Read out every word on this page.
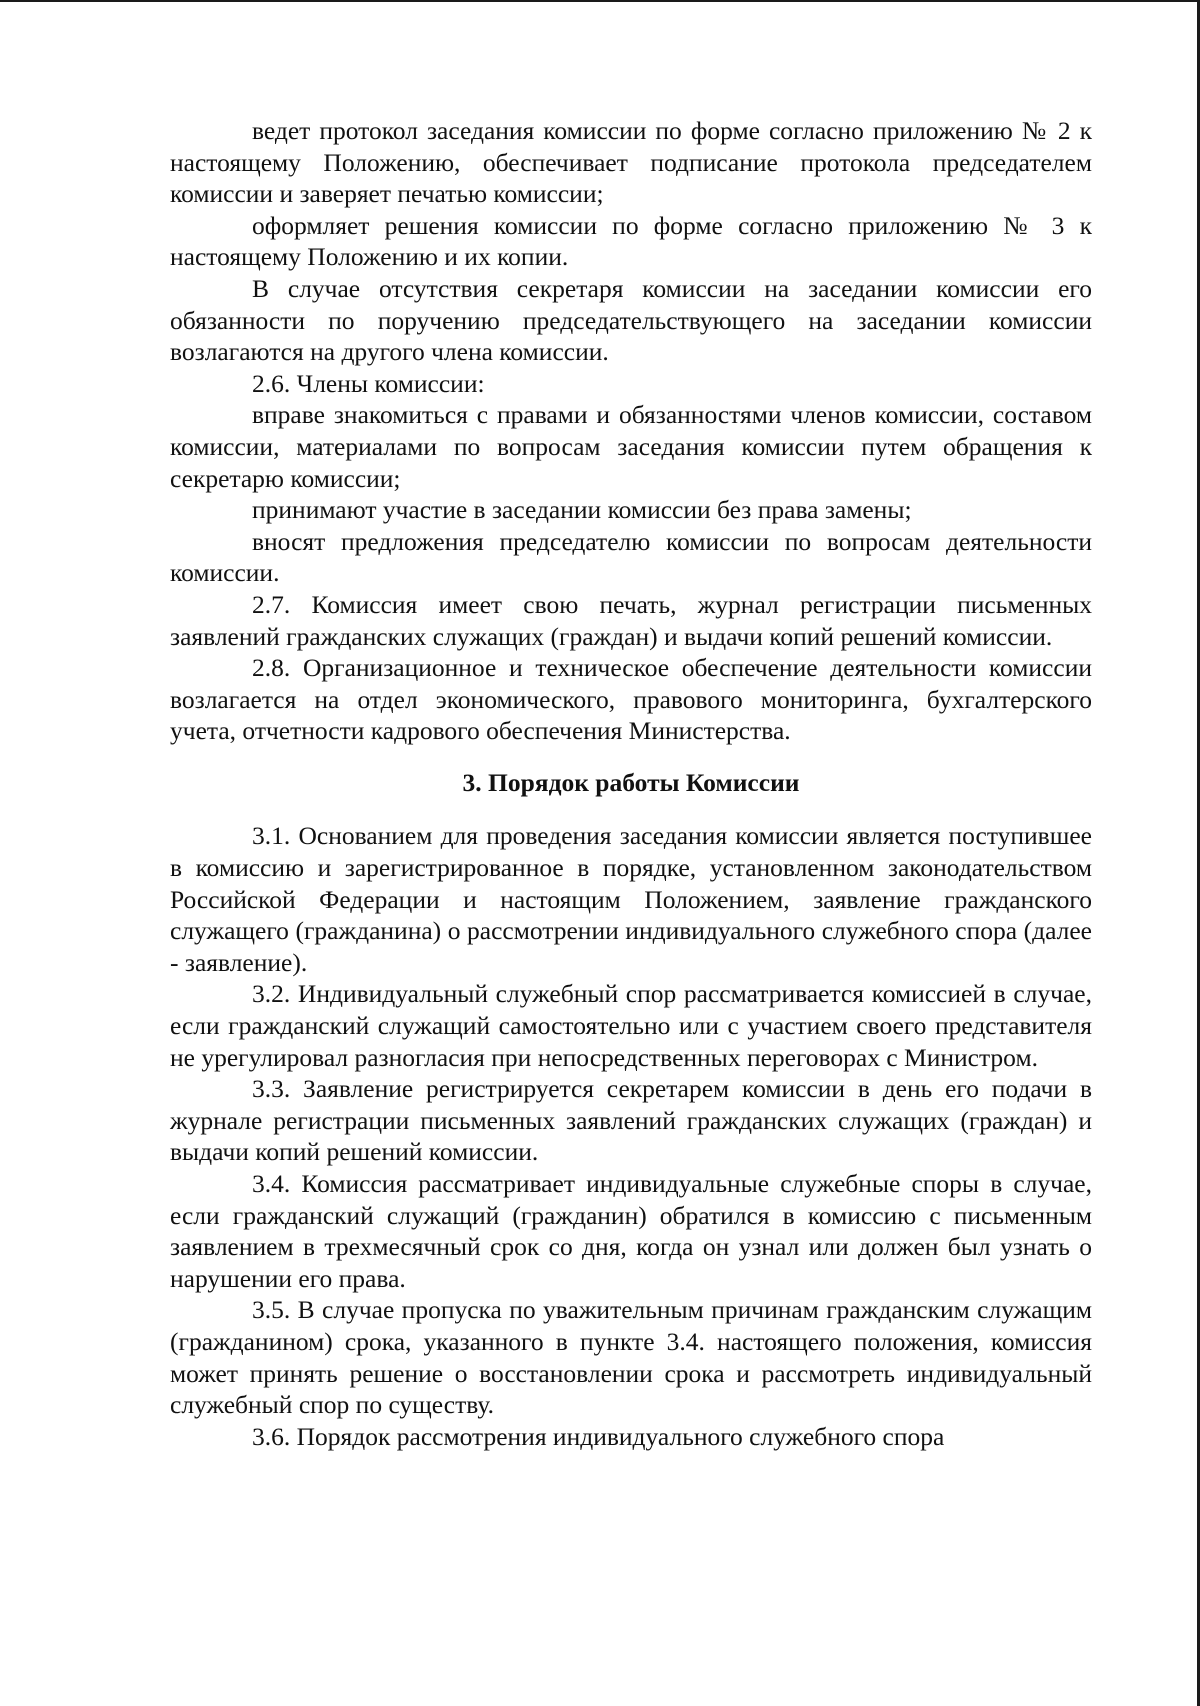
ведет протокол заседания комиссии по форме согласно приложению № 2 к настоящему Положению, обеспечивает подписание протокола председателем комиссии и заверяет печатью комиссии;

оформляет решения комиссии по форме согласно приложению № 3 к настоящему Положению и их копии.

В случае отсутствия секретаря комиссии на заседании комиссии его обязанности по поручению председательствующего на заседании комиссии возлагаются на другого члена комиссии.

2.6. Члены комиссии:

вправе знакомиться с правами и обязанностями членов комиссии, составом комиссии, материалами по вопросам заседания комиссии путем обращения к секретарю комиссии;

принимают участие в заседании комиссии без права замены;

вносят предложения председателю комиссии по вопросам деятельности комиссии.

2.7. Комиссия имеет свою печать, журнал регистрации письменных заявлений гражданских служащих (граждан) и выдачи копий решений комиссии.

2.8. Организационное и техническое обеспечение деятельности комиссии возлагается на отдел экономического, правового мониторинга, бухгалтерского учета, отчетности кадрового обеспечения Министерства.

3. Порядок работы Комиссии

3.1. Основанием для проведения заседания комиссии является поступившее в комиссию и зарегистрированное в порядке, установленном законодательством Российской Федерации и настоящим Положением, заявление гражданского служащего (гражданина) о рассмотрении индивидуального служебного спора (далее - заявление).

3.2. Индивидуальный служебный спор рассматривается комиссией в случае, если гражданский служащий самостоятельно или с участием своего представителя не урегулировал разногласия при непосредственных переговорах с Министром.

3.3. Заявление регистрируется секретарем комиссии в день его подачи в журнале регистрации письменных заявлений гражданских служащих (граждан) и выдачи копий решений комиссии.

3.4. Комиссия рассматривает индивидуальные служебные споры в случае, если гражданский служащий (гражданин) обратился в комиссию с письменным заявлением в трехмесячный срок со дня, когда он узнал или должен был узнать о нарушении его права.

3.5. В случае пропуска по уважительным причинам гражданским служащим (гражданином) срока, указанного в пункте 3.4. настоящего положения, комиссия может принять решение о восстановлении срока и рассмотреть индивидуальный служебный спор по существу.

3.6. Порядок рассмотрения индивидуального служебного спора
